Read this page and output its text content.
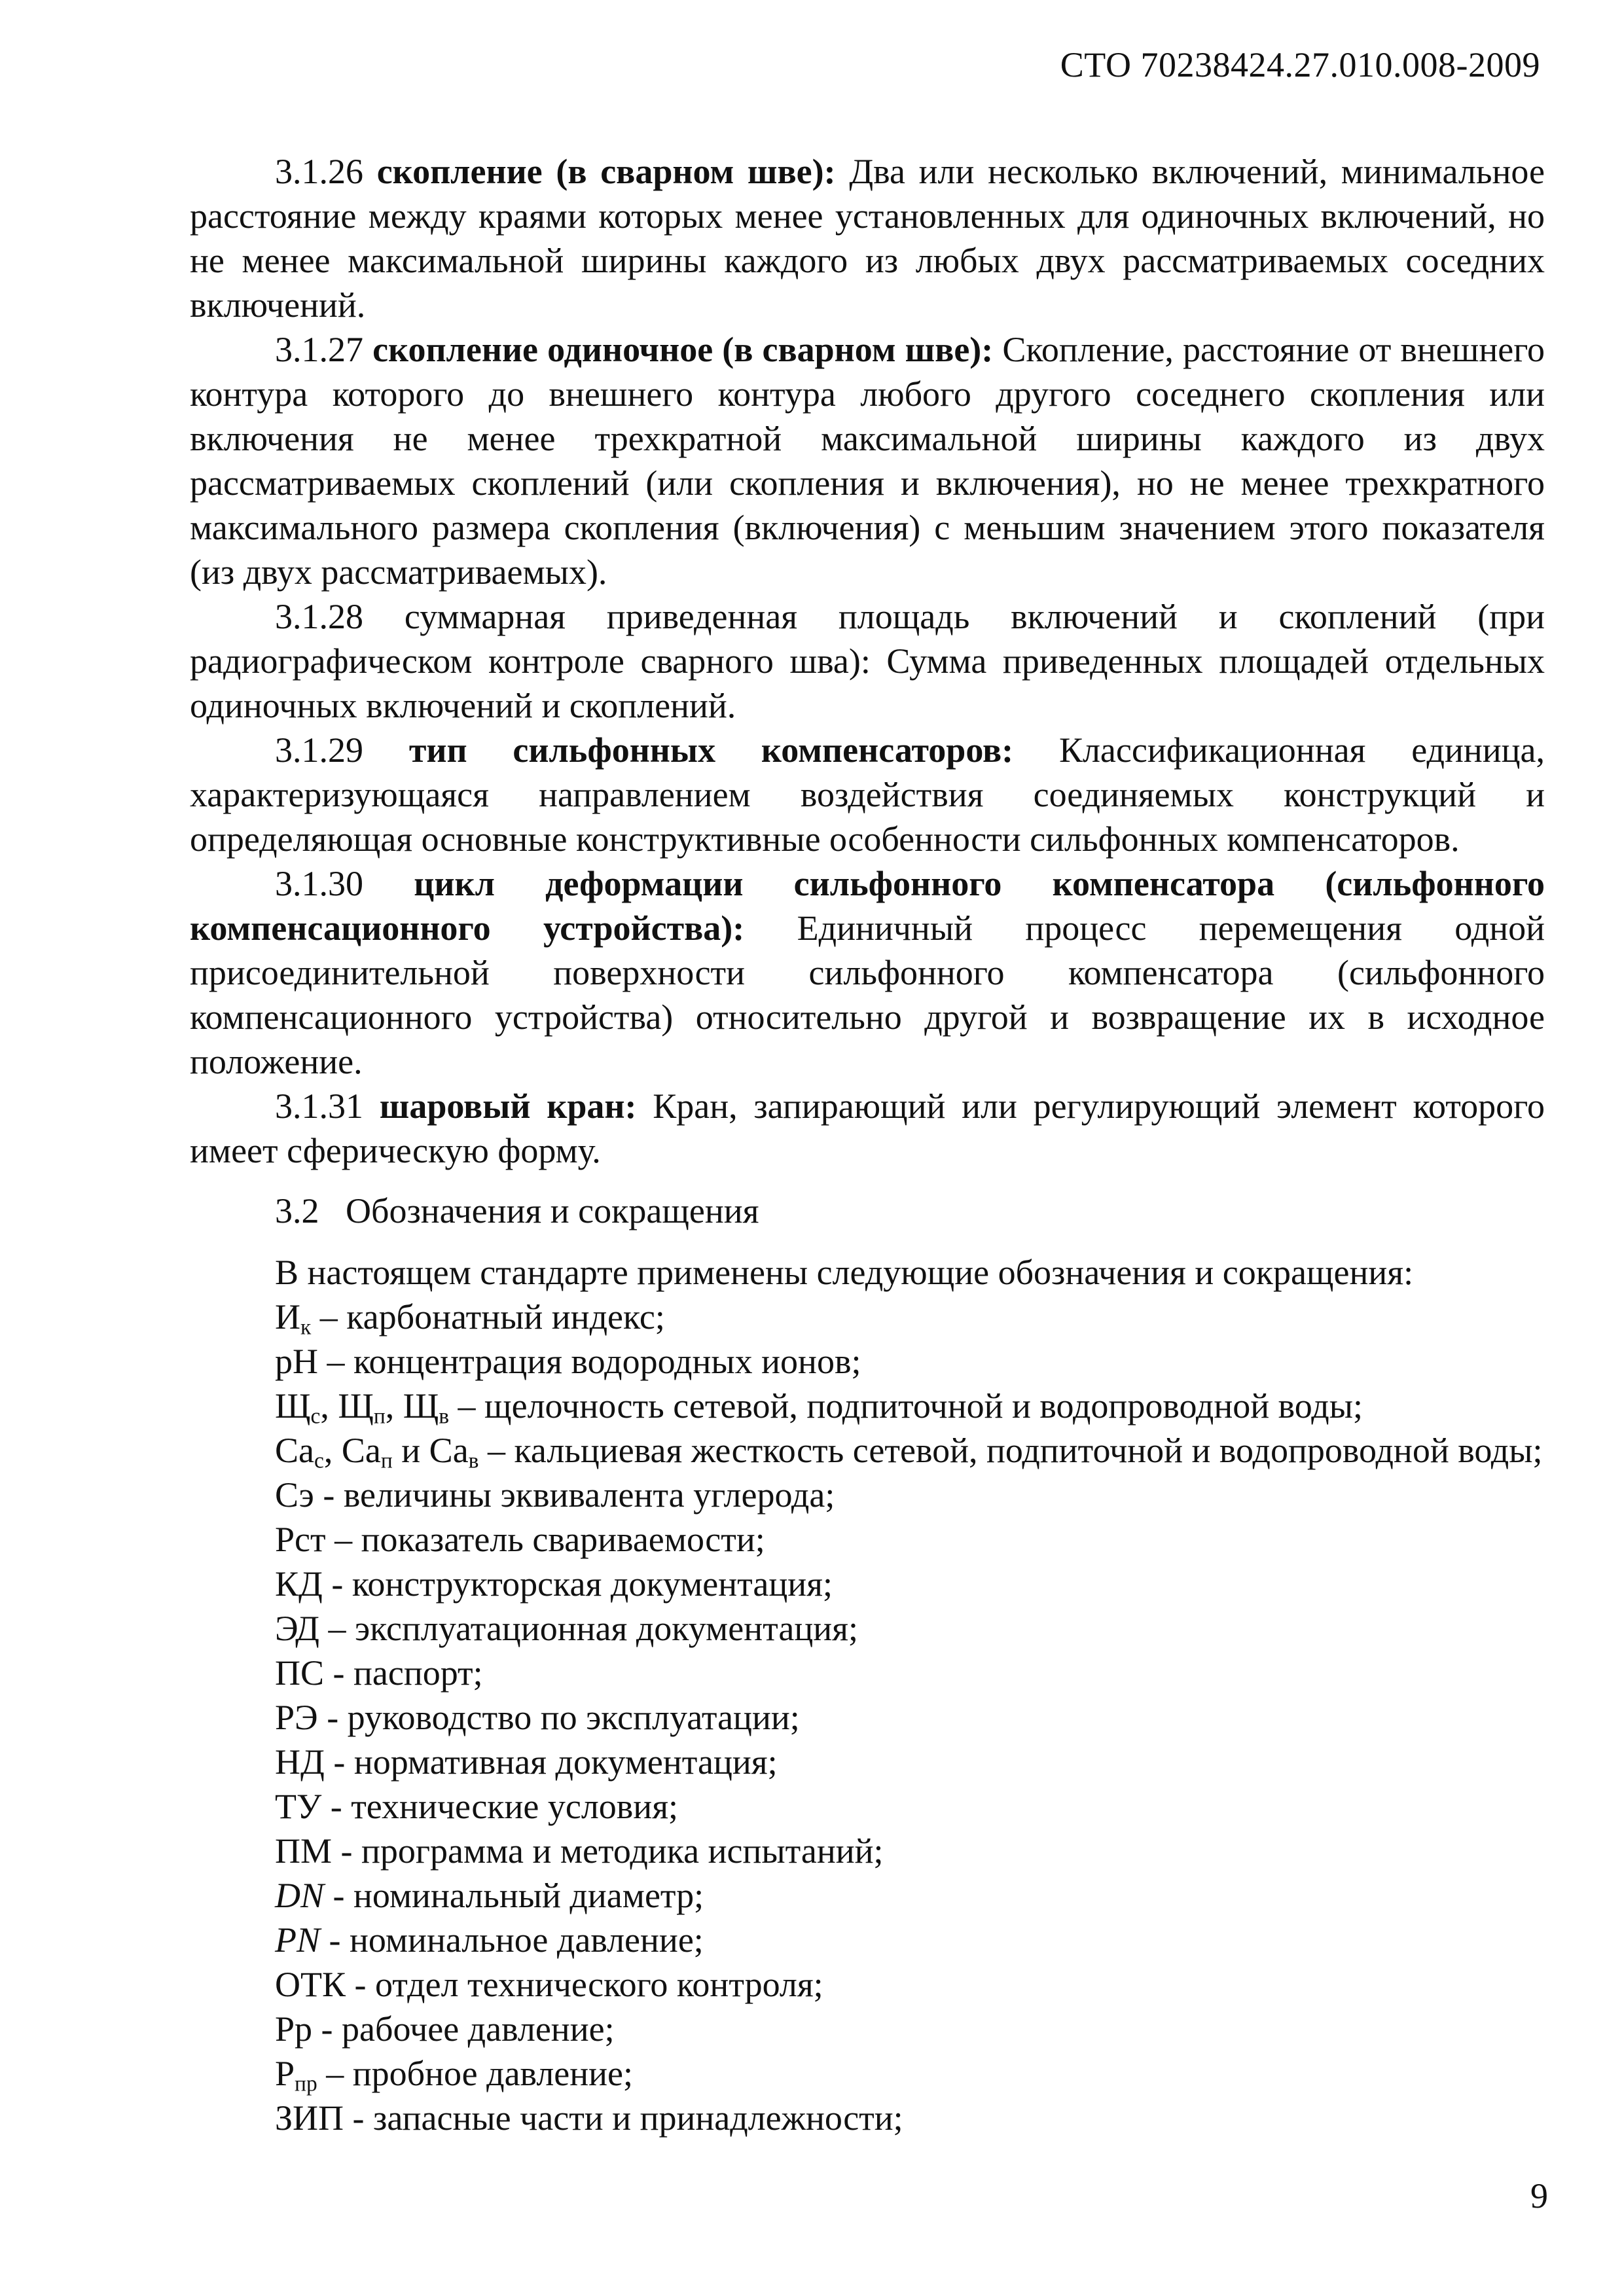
СТО 70238424.27.010.008-2009

3.1.26 скопление (в сварном шве): Два или несколько включений, минимальное расстояние между краями которых менее установленных для одиночных включений, но не менее максимальной ширины каждого из любых двух рассматриваемых соседних включений.

3.1.27 скопление одиночное (в сварном шве): Скопление, расстояние от внешнего контура которого до внешнего контура любого другого соседнего скопления или включения не менее трехкратной максимальной ширины каждого из двух рассматриваемых скоплений (или скопления и включения), но не менее трехкратного максимального размера скопления (включения) с меньшим значением этого показателя (из двух рассматриваемых).

3.1.28 суммарная приведенная площадь включений и скоплений (при радиографическом контроле сварного шва): Сумма приведенных площадей отдельных одиночных включений и скоплений.

3.1.29 тип сильфонных компенсаторов: Классификационная единица, характеризующаяся направлением воздействия соединяемых конструкций и определяющая основные конструктивные особенности сильфонных компенсаторов.

3.1.30 цикл деформации сильфонного компенсатора (сильфонного компенсационного устройства): Единичный процесс перемещения одной присоединительной поверхности сильфонного компенсатора (сильфонного компенсационного устройства) относительно другой и возвращение их в исходное положение.

3.1.31 шаровый кран: Кран, запирающий или регулирующий элемент которого имеет сферическую форму.

3.2 Обозначения и сокращения
В настоящем стандарте применены следующие обозначения и сокращения:
$И_к$ – карбонатный индекс;
pH – концентрация водородных ионов;
$Щ_с$, $Щ_п$, $Щ_в$ – щелочность сетевой, подпиточной и водопроводной воды;
$Ca_с$, $Ca_п$ и $Ca_в$ – кальциевая жесткость сетевой, подпиточной и водопроводной воды;
Сэ - величины эквивалента углерода;
Рст – показатель свариваемости;
КД - конструкторская документация;
ЭД – эксплуатационная документация;
ПС - паспорт;
РЭ - руководство по эксплуатации;
НД - нормативная документация;
ТУ - технические условия;
ПМ - программа и методика испытаний;
DN - номинальный диаметр;
PN - номинальное давление;
ОТК - отдел технического контроля;
Рр - рабочее давление;
$Р_{пр}$ – пробное давление;
ЗИП - запасные части и принадлежности;
9
